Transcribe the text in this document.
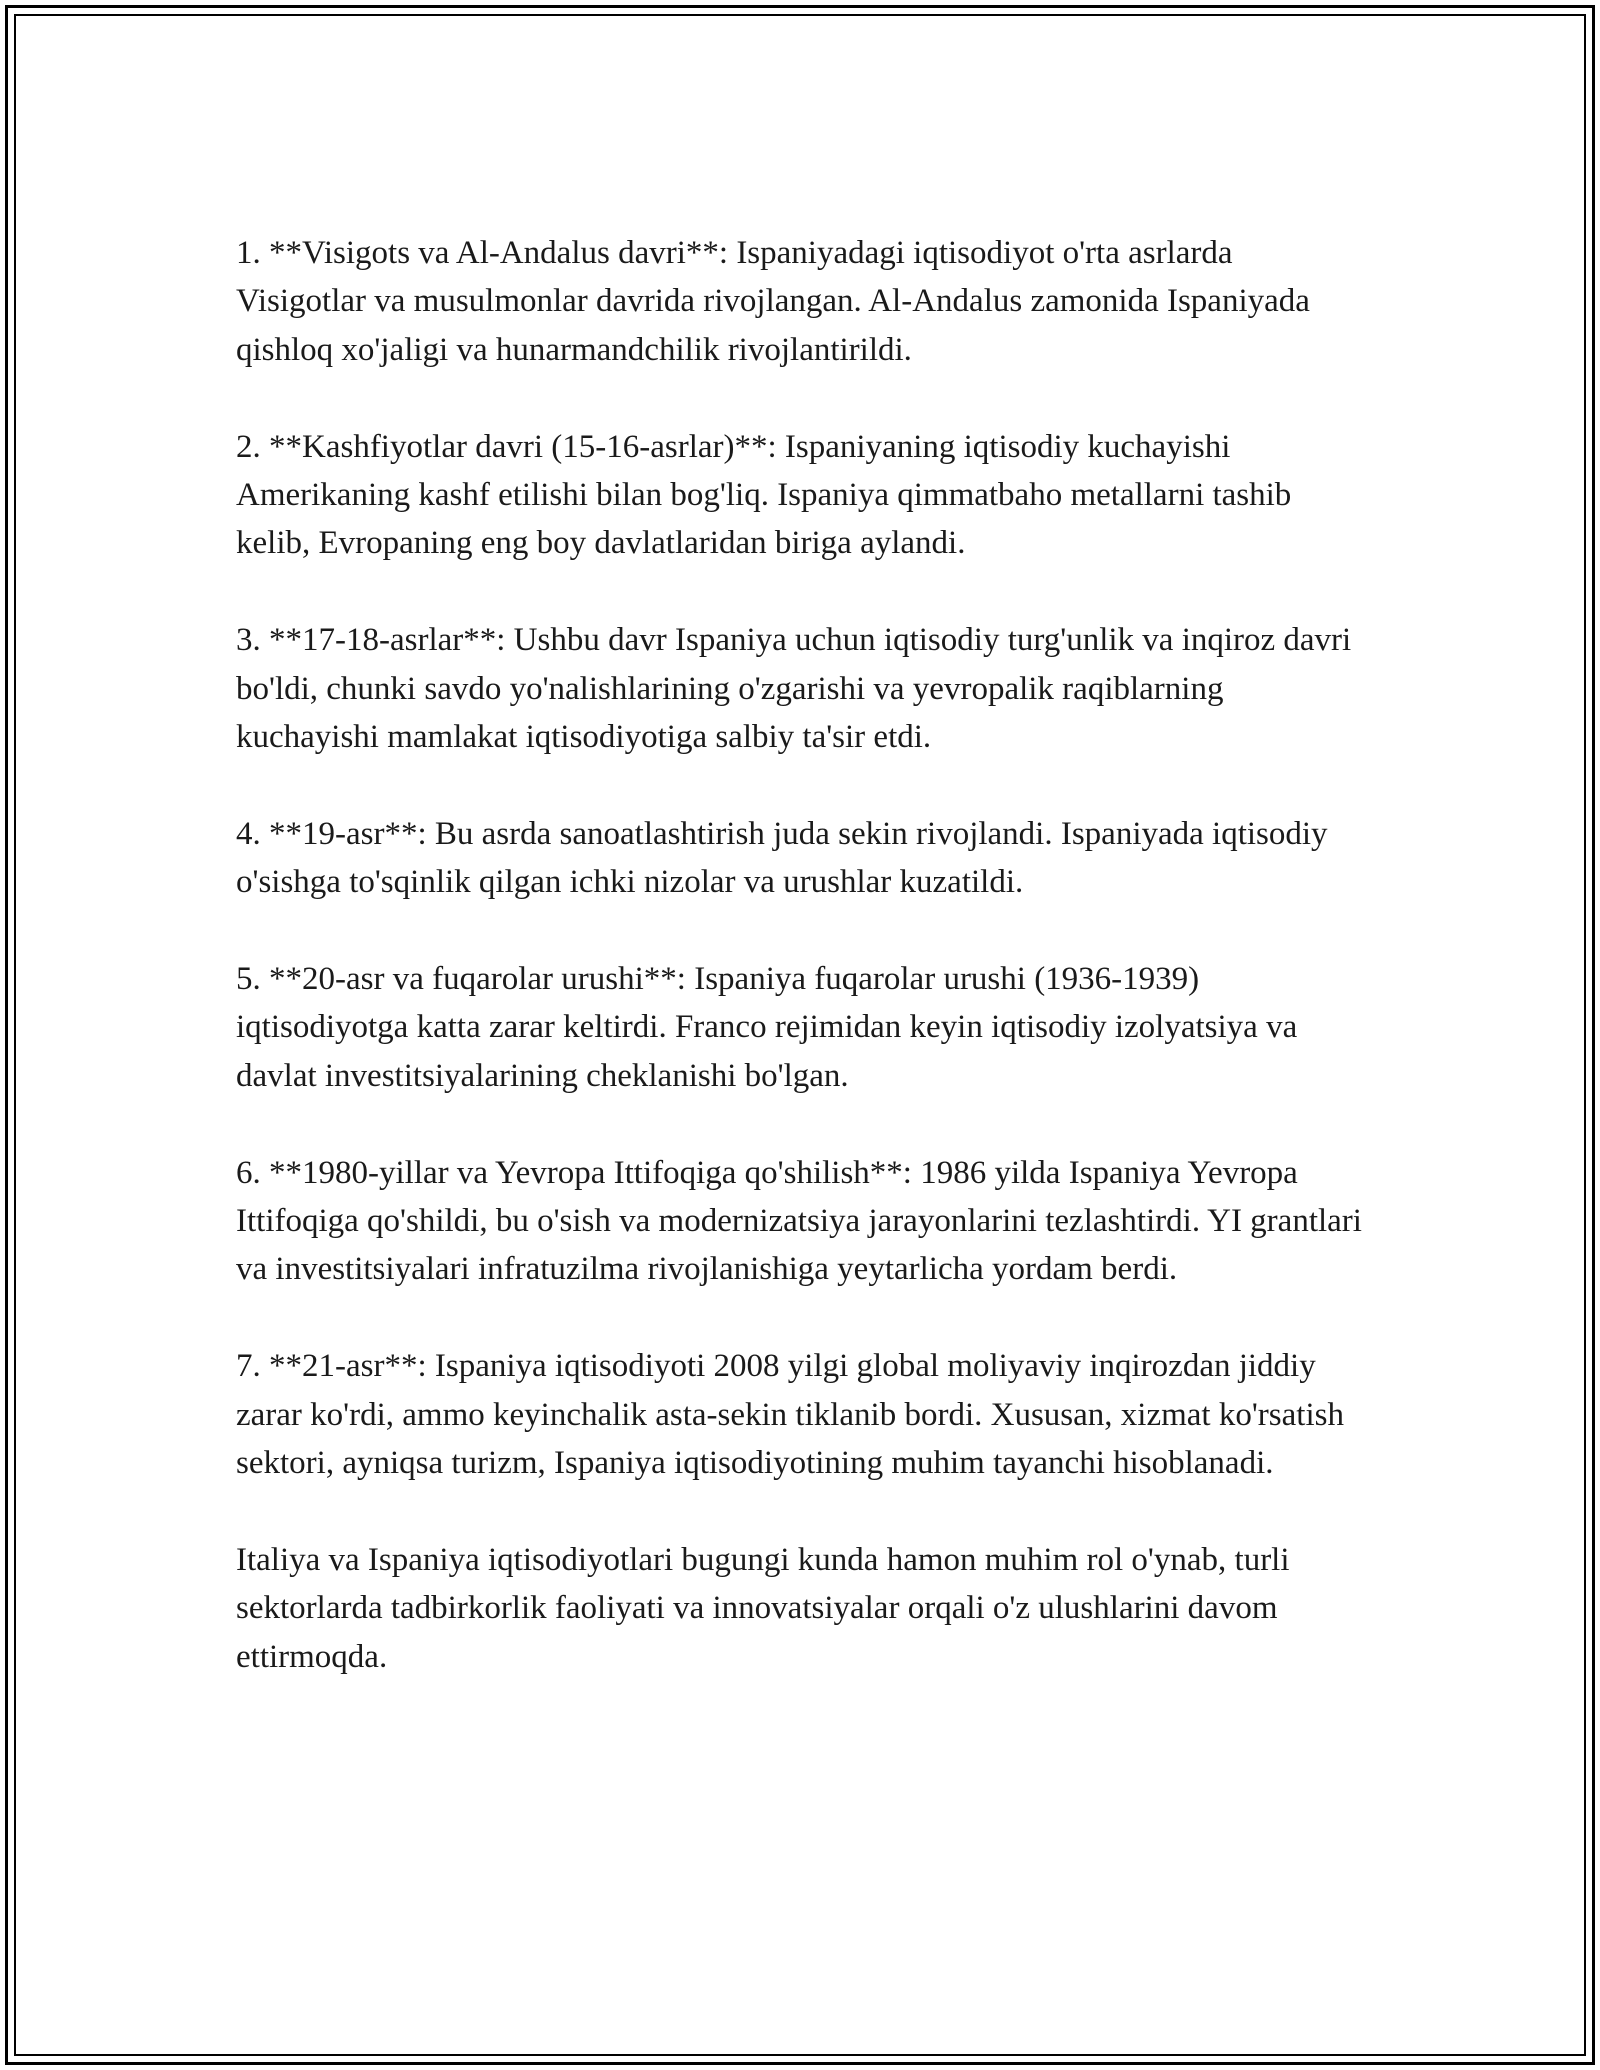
1. **Visigots va Al-Andalus davri**: Ispaniyadagi iqtisodiyot o'rta asrlarda Visigotlar va musulmonlar davrida rivojlangan. Al-Andalus zamonida Ispaniyada qishloq xo'jaligi va hunarmandchilik rivojlantirildi.

2. **Kashfiyotlar davri (15-16-asrlar)**: Ispaniyaning iqtisodiy kuchayishi Amerikaning kashf etilishi bilan bog'liq. Ispaniya qimmatbaho metallarni tashib kelib, Evropaning eng boy davlatlaridan biriga aylandi.

3. **17-18-asrlar**: Ushbu davr Ispaniya uchun iqtisodiy turg'unlik va inqiroz davri bo'ldi, chunki savdo yo'nalishlarining o'zgarishi va yevropalik raqiblarning kuchayishi mamlakat iqtisodiyotiga salbiy ta'sir etdi.

4. **19-asr**: Bu asrda sanoatlashtirish juda sekin rivojlandi. Ispaniyada iqtisodiy o'sishga to'sqinlik qilgan ichki nizolar va urushlar kuzatildi.

5. **20-asr va fuqarolar urushi**: Ispaniya fuqarolar urushi (1936-1939) iqtisodiyotga katta zarar keltirdi. Franco rejimidan keyin iqtisodiy izolyatsiya va davlat investitsiyalarining cheklanishi bo'lgan.

6. **1980-yillar va Yevropa Ittifoqiga qo'shilish**: 1986 yilda Ispaniya Yevropa Ittifoqiga qo'shildi, bu o'sish va modernizatsiya jarayonlarini tezlashtirdi. YI grantlari va investitsiyalari infratuzilma rivojlanishiga yeytarlicha yordam berdi.

7. **21-asr**: Ispaniya iqtisodiyoti 2008 yilgi global moliyaviy inqirozdan jiddiy zarar ko'rdi, ammo keyinchalik asta-sekin tiklanib bordi. Xususan, xizmat ko'rsatish sektori, ayniqsa turizm, Ispaniya iqtisodiyotining muhim tayanchi hisoblanadi.

Italiya va Ispaniya iqtisodiyotlari bugungi kunda hamon muhim rol o'ynab, turli sektorlarda tadbirkorlik faoliyati va innovatsiyalar orqali o'z ulushlarini davom ettirmoqda.
